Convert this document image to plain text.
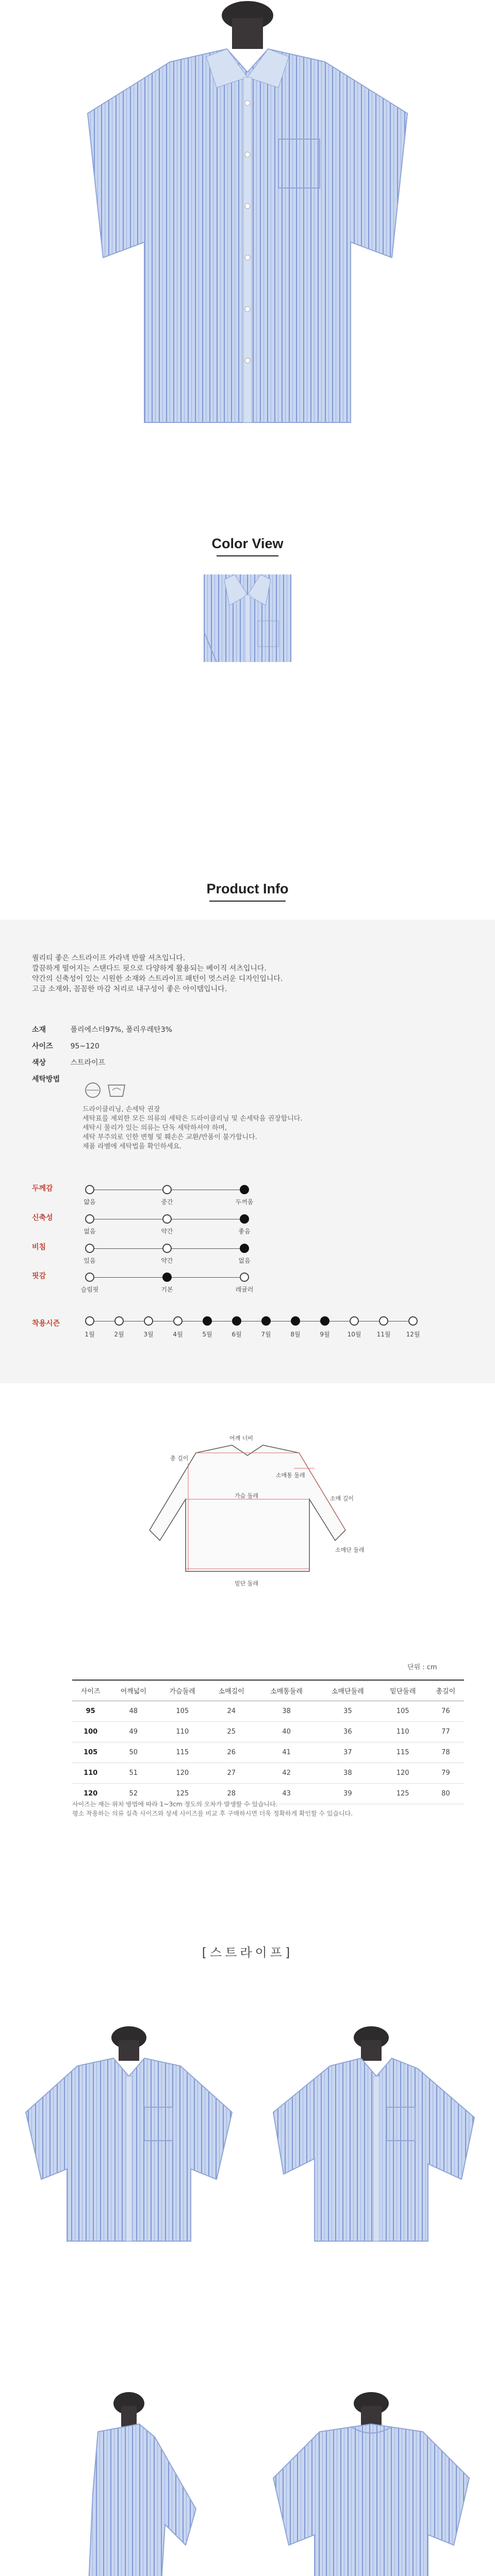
Color View
Product Info
퀄리티 좋은 스트라이프 카라넥 반팔 셔츠입니다.
깔끔하게 떨어지는 스탠다드 핏으로 다양하게 활용되는 베이직 셔츠입니다.
약간의 신축성이 있는 시원한 소재와 스트라이프 패턴이 멋스러운 디자인입니다.
고급 소재와, 꼼꼼한 마감 처리로 내구성이 좋은 아이템입니다.
소재	폴리에스터97%, 폴리우레탄3%
사이즈 95~120
색상	스트라이프
세탁방법
드라이클리닝, 손세탁 권장
세탁표를 제외한 모든 의류의 세탁은 드라이클리닝 및 손세탁을 권장합니다.
세탁시 물리가 있는 의류는 단독 세탁하셔야 하며,
세탁 부주의로 인한 변형 및 훼손은 교환/반품이 불가합니다.
제품 라벨에 세탁법을 확인하세요.
두께감
얇음	중간	두꺼움
신축성
없음	약간	좋음
비침
있음	약간	없음
핏감
슬림핏	기본	레귤러
착용시즌
1월	2월	3월	4월	5월	6월	7월	8월	9월	10월	11월	12월
어깨 너비
총 길이
소매통 둘레
가슴 둘레	소매 길이
소매단 둘레
밑단 둘레
단위 : cm
사이즈	어깨넓이	가슴둘레	소매길이	소매통둘레	소매단둘레	밑단둘레	총길이
95	48	105	24	38	35	105	76
100	49	110	25	40	36	110	77
105	50	115	26	41	37	115	78
110	51	120	27	42	38	120	79
120	52	125	28	43	39	125	80
사이즈는 재는 위치 방법에 따라 1~3cm 정도의 오차가 발생할 수 있습니다.
평소 착용하는 의류 실측 사이즈와 상세 사이즈를 비교 후 구매하시면 더욱 정확하게 확인할 수 있습니다.
[스트라이프]
